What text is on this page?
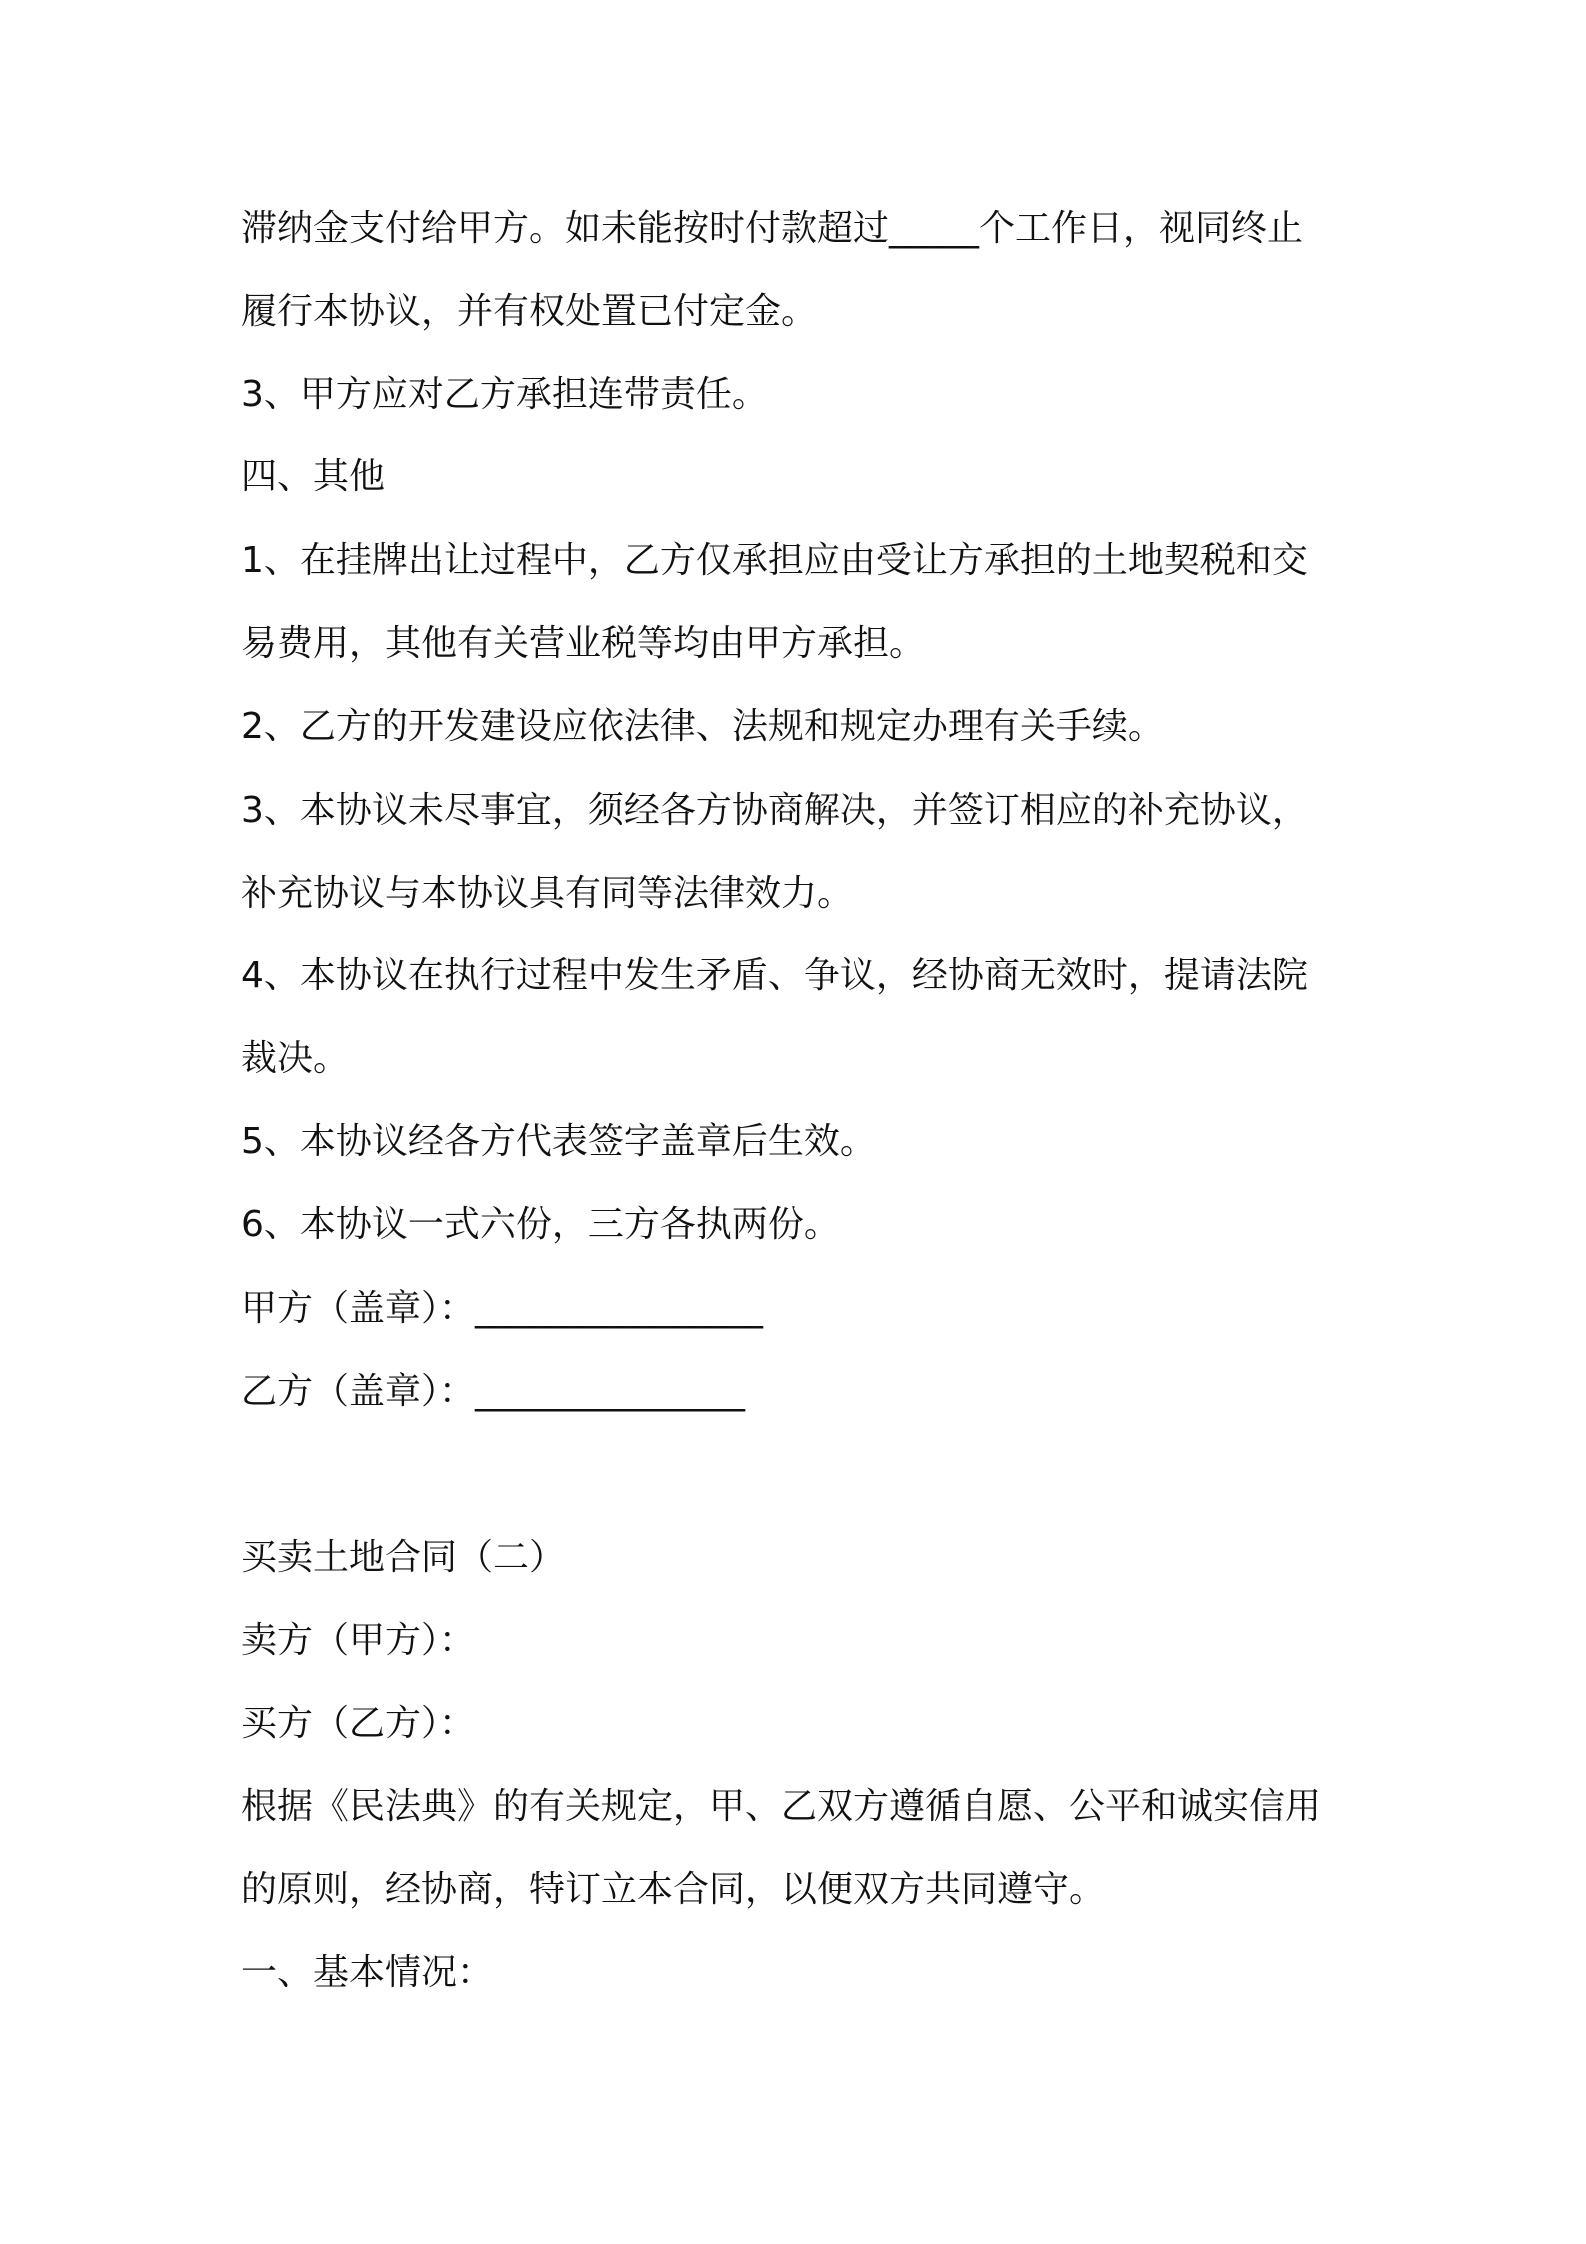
滞纳金支付给甲方。如未能按时付款超过_____个工作日，视同终止
履行本协议，并有权处置已付定金。
3、甲方应对乙方承担连带责任。
四、其他
1、在挂牌出让过程中，乙方仅承担应由受让方承担的土地契税和交
易费用，其他有关营业税等均由甲方承担。
2、乙方的开发建设应依法律、法规和规定办理有关手续。
3、本协议未尽事宜，须经各方协商解决，并签订相应的补充协议，
补充协议与本协议具有同等法律效力。
4、本协议在执行过程中发生矛盾、争议，经协商无效时，提请法院
裁决。
5、本协议经各方代表签字盖章后生效。
6、本协议一式六份，三方各执两份。
甲方（盖章）：________________
乙方（盖章）：_______________
买卖土地合同（二）
卖方（甲方）：
买方（乙方）：
根据《民法典》的有关规定，甲、乙双方遵循自愿、公平和诚实信用
的原则，经协商，特订立本合同，以便双方共同遵守。
一、基本情况：
